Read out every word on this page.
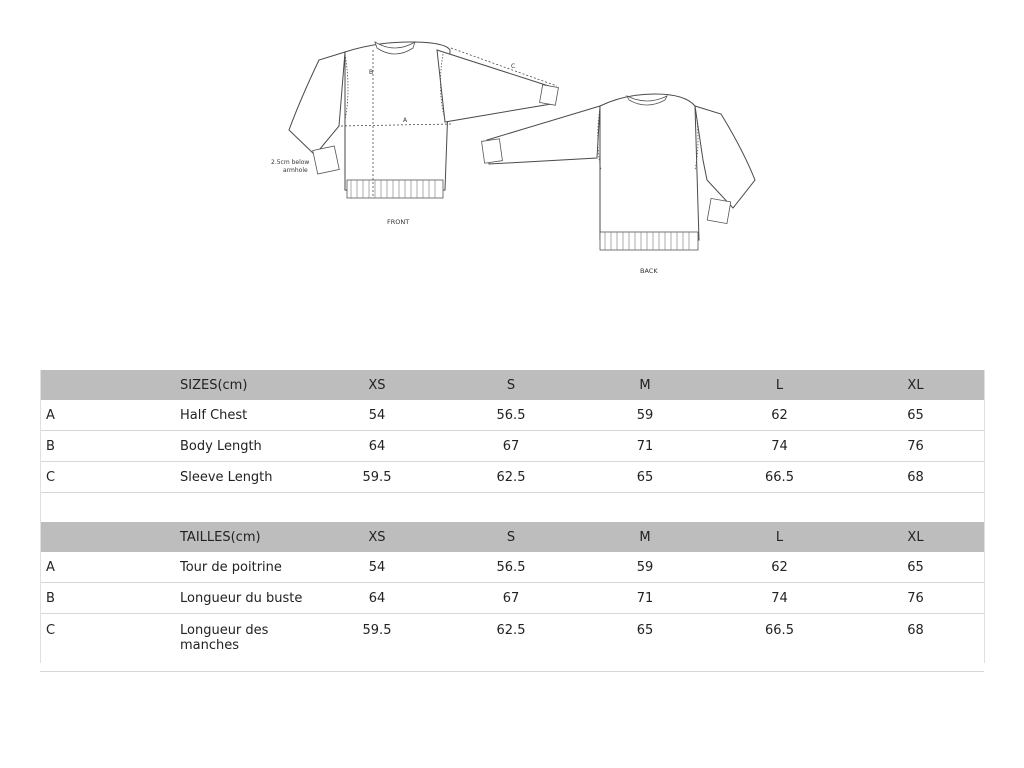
B
A
C
2.5cm below
armhole
FRONT
BACK
	SIZES(cm)	XS	S	M	L	XL
A	Half Chest	54	56.5	59	62	65
B	Body Length	64	67	71	74	76
C	Sleeve Length	59.5	62.5	65	66.5	68
	TAILLES(cm)	XS	S	M	L	XL
A	Tour de poitrine	54	56.5	59	62	65
B	Longueur du buste	64	67	71	74	76
C	Longueur des manches	59.5	62.5	65	66.5	68
